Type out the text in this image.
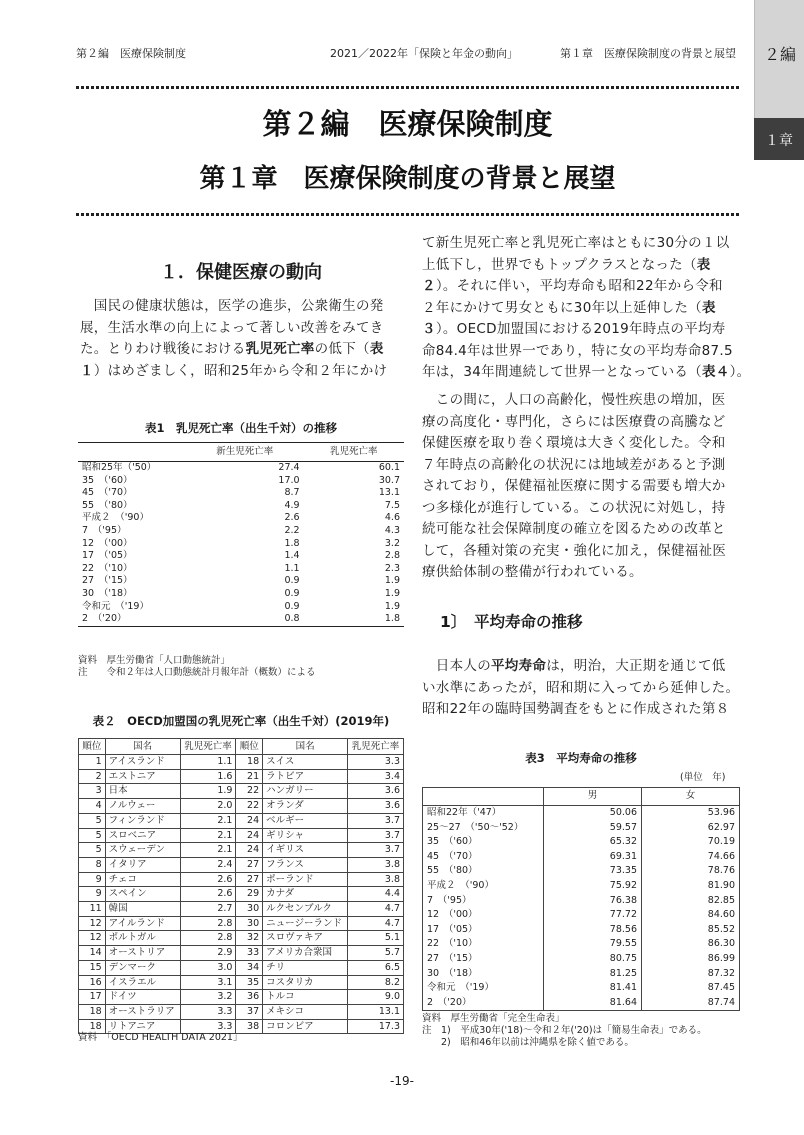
第２編　医療保険制度	2021／2022年「保険と年金の動向」	第１章　医療保険制度の背景と展望	２編
１章
第２編　医療保険制度
第１章　医療保険制度の背景と展望
１．保健医療の動向

　国民の健康状態は，医学の進歩，公衆衛生の発

展，生活水準の向上によって著しい改善をみてき

た。とりわけ戦後における乳児死亡率の低下（表

１）はめざましく，昭和25年から令和２年にかけ

表1　乳児死亡率（出生千対）の推移
	新生児死亡率	乳児死亡率
昭和25年（'50）	27.4	60.1
35　（'60）	17.0	30.7
45　（'70）	8.7	13.1
55　（'80）	4.9	7.5
平成２　（'90）	2.6	4.6
7　（'95）	2.2	4.3
12　（'00）	1.8	3.2
17　（'05）	1.4	2.8
22　（'10）	1.1	2.3
27　（'15）	0.9	1.9
30　（'18）	0.9	1.9
令和元　（'19）	0.9	1.9
2　（'20）	0.8	1.8
資料　厚生労働省「人口動態統計」
注　　令和２年は人口動態統計月報年計（概数）による
表２　OECD加盟国の乳児死亡率（出生千対）(2019年)
順位	国名	乳児死亡率	順位	国名	乳児死亡率
1	アイスランド	1.1	18	スイス	3.3
2	エストニア	1.6	21	ラトビア	3.4
3	日本	1.9	22	ハンガリー	3.6
4	ノルウェー	2.0	22	オランダ	3.6
5	フィンランド	2.1	24	ベルギー	3.7
5	スロベニア	2.1	24	ギリシャ	3.7
5	スウェーデン	2.1	24	イギリス	3.7
8	イタリア	2.4	27	フランス	3.8
9	チェコ	2.6	27	ポーランド	3.8
9	スペイン	2.6	29	カナダ	4.4
11	韓国	2.7	30	ルクセンブルク	4.7
12	アイルランド	2.8	30	ニュージーランド	4.7
12	ポルトガル	2.8	32	スロヴァキア	5.1
14	オーストリア	2.9	33	アメリカ合衆国	5.7
15	デンマーク	3.0	34	チリ	6.5
16	イスラエル	3.1	35	コスタリカ	8.2
17	ドイツ	3.2	36	トルコ	9.0
18	オーストラリア	3.3	37	メキシコ	13.1
18	リトアニア	3.3	38	コロンビア	17.3
資料　「OECD HEALTH DATA 2021」

て新生児死亡率と乳児死亡率はともに30分の１以

上低下し，世界でもトップクラスとなった（表

２）。それに伴い，平均寿命も昭和22年から令和

２年にかけて男女ともに30年以上延伸した（表

３）。OECD加盟国における2019年時点の平均寿

命84.4年は世界一であり，特に女の平均寿命87.5

年は，34年間連続して世界一となっている（表４）。

　この間に，人口の高齢化，慢性疾患の増加，医

療の高度化・専門化，さらには医療費の高騰など

保健医療を取り巻く環境は大きく変化した。令和

７年時点の高齢化の状況には地域差があると予測

されており，保健福祉医療に関する需要も増大か

つ多様化が進行している。この状況に対処し，持

続可能な社会保障制度の確立を図るための改革と

して，各種対策の充実・強化に加え，保健福祉医

療供給体制の整備が行われている。

1〕　平均寿命の推移

　日本人の平均寿命は，明治，大正期を通じて低

い水準にあったが，昭和期に入ってから延伸した。

昭和22年の臨時国勢調査をもとに作成された第８

表3　平均寿命の推移
(単位　年)
	男	女
昭和22年（'47）	50.06	53.96
25～27　（'50～'52）	59.57	62.97
35　（'60）	65.32	70.19
45　（'70）	69.31	74.66
55　（'80）	73.35	78.76
平成２　（'90）	75.92	81.90
7　（'95）	76.38	82.85
12　（'00）	77.72	84.60
17　（'05）	78.56	85.52
22　（'10）	79.55	86.30
27　（'15）	80.75	86.99
30　（'18）	81.25	87.32
令和元　（'19）	81.41	87.45
2　（'20）	81.64	87.74
資料　厚生労働省「完全生命表」
注　1)　平成30年('18)～令和２年('20)は「簡易生命表」である。
　　2)　昭和46年以前は沖縄県を除く値である。
-19-
